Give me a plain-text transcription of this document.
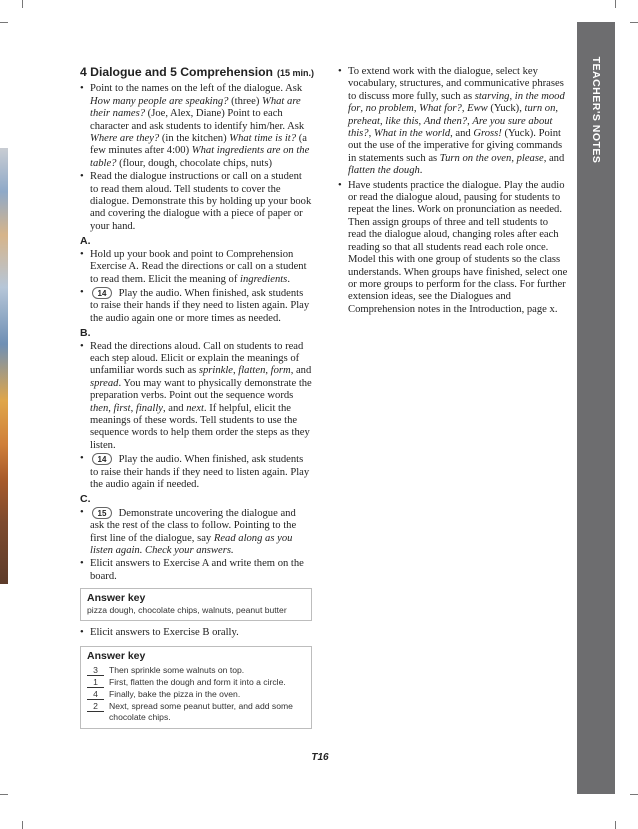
TEACHER'S NOTES
4 Dialogue and 5 Comprehension (15 min.)
• Point to the names on the left of the dialogue. Ask How many people are speaking? (three) What are their names? (Joe, Alex, Diane) Point to each character and ask students to identify him/her. Ask Where are they? (in the kitchen) What time is it? (a few minutes after 4:00) What ingredients are on the table? (flour, dough, chocolate chips, nuts)
• Read the dialogue instructions or call on a student to read them aloud. Tell students to cover the dialogue. Demonstrate this by holding up your book and covering the dialogue with a piece of paper or your hand.
A.
• Hold up your book and point to Comprehension Exercise A. Read the directions or call on a student to read them. Elicit the meaning of ingredients.
• 14 Play the audio. When finished, ask students to raise their hands if they need to listen again. Play the audio again one or more times as needed.
B.
• Read the directions aloud. Call on students to read each step aloud. Elicit or explain the meanings of unfamiliar words such as sprinkle, flatten, form, and spread. You may want to physically demonstrate the preparation verbs. Point out the sequence words then, first, finally, and next. If helpful, elicit the meanings of these words. Tell students to use the sequence words to help them order the steps as they listen.
• 14 Play the audio. When finished, ask students to raise their hands if they need to listen again. Play the audio again if needed.
C.
• 15 Demonstrate uncovering the dialogue and ask the rest of the class to follow. Pointing to the first line of the dialogue, say Read along as you listen again. Check your answers.
• Elicit answers to Exercise A and write them on the board.
Answer key
pizza dough, chocolate chips, walnuts, peanut butter
• Elicit answers to Exercise B orally.
Answer key
3	Then sprinkle some walnuts on top.
1	First, flatten the dough and form it into a circle.
4	Finally, bake the pizza in the oven.
2	Next, spread some peanut butter, and add some chocolate chips.
• To extend work with the dialogue, select key vocabulary, structures, and communicative phrases to discuss more fully, such as starving, in the mood for, no problem, What for?, Eww (Yuck), turn on, preheat, like this, And then?, Are you sure about this?, What in the world, and Gross! (Yuck). Point out the use of the imperative for giving commands in statements such as Turn on the oven, please, and flatten the dough.
• Have students practice the dialogue. Play the audio or read the dialogue aloud, pausing for students to repeat the lines. Work on pronunciation as needed. Then assign groups of three and tell students to read the dialogue aloud, changing roles after each reading so that all students read each role once. Model this with one group of students so the class understands. When groups have finished, select one or more groups to perform for the class. For further extension ideas, see the Dialogues and Comprehension notes in the Introduction, page x.
T16
